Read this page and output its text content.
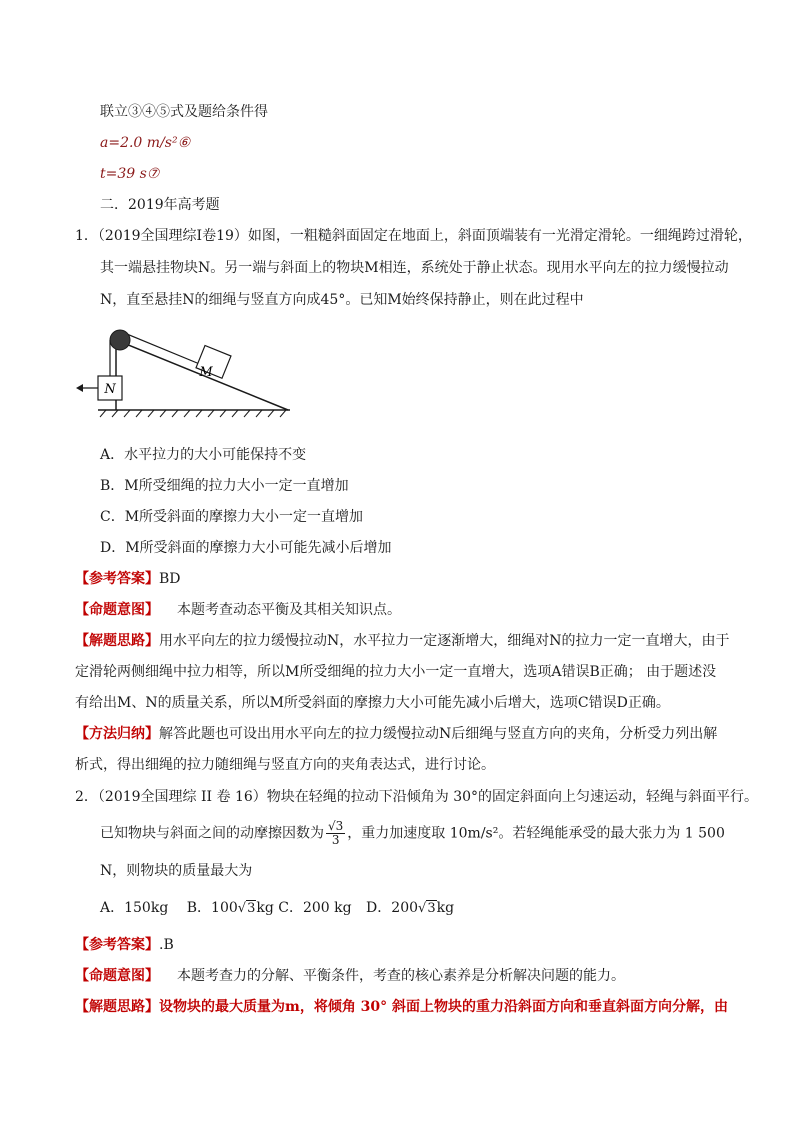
联立③④⑤式及题给条件得
a=2.0 m/s²⑥
t=39 s⑦
二．2019年高考题
1．（2019全国理综I卷19）如图，一粗糙斜面固定在地面上，斜面顶端装有一光滑定滑轮。一细绳跨过滑轮，
其一端悬挂物块N。另一端与斜面上的物块M相连，系统处于静止状态。现用水平向左的拉力缓慢拉动
N，直至悬挂N的细绳与竖直方向成45°。已知M始终保持静止，则在此过程中
N
M
A．水平拉力的大小可能保持不变
B．M所受细绳的拉力大小一定一直增加
C．M所受斜面的摩擦力大小一定一直增加
D．M所受斜面的摩擦力大小可能先减小后增加
【参考答案】BD
【命题意图】 本题考查动态平衡及其相关知识点。
【解题思路】用水平向左的拉力缓慢拉动N，水平拉力一定逐渐增大，细绳对N的拉力一定一直增大，由于
定滑轮两侧细绳中拉力相等，所以M所受细绳的拉力大小一定一直增大，选项A错误B正确； 由于题述没
有给出M、N的质量关系，所以M所受斜面的摩擦力大小可能先减小后增大，选项C错误D正确。
【方法归纳】解答此题也可设出用水平向左的拉力缓慢拉动N后细绳与竖直方向的夹角，分析受力列出解
析式，得出细绳的拉力随细绳与竖直方向的夹角表达式，进行讨论。
2．（2019全国理综 II 卷 16）物块在轻绳的拉动下沿倾角为 30°的固定斜面向上匀速运动，轻绳与斜面平行。
已知物块与斜面之间的动摩擦因数为 $\frac{√3}{3}$ ，重力加速度取 10m/s²。若轻绳能承受的最大张力为 1 500
N，则物块的质量最大为
A．150kg B．100√3kg C．200 kg D．200√3kg
【参考答案】.B
【命题意图】 本题考查力的分解、平衡条件，考查的核心素养是分析解决问题的能力。
【解题思路】设物块的最大质量为m，将倾角 30° 斜面上物块的重力沿斜面方向和垂直斜面方向分解，由
